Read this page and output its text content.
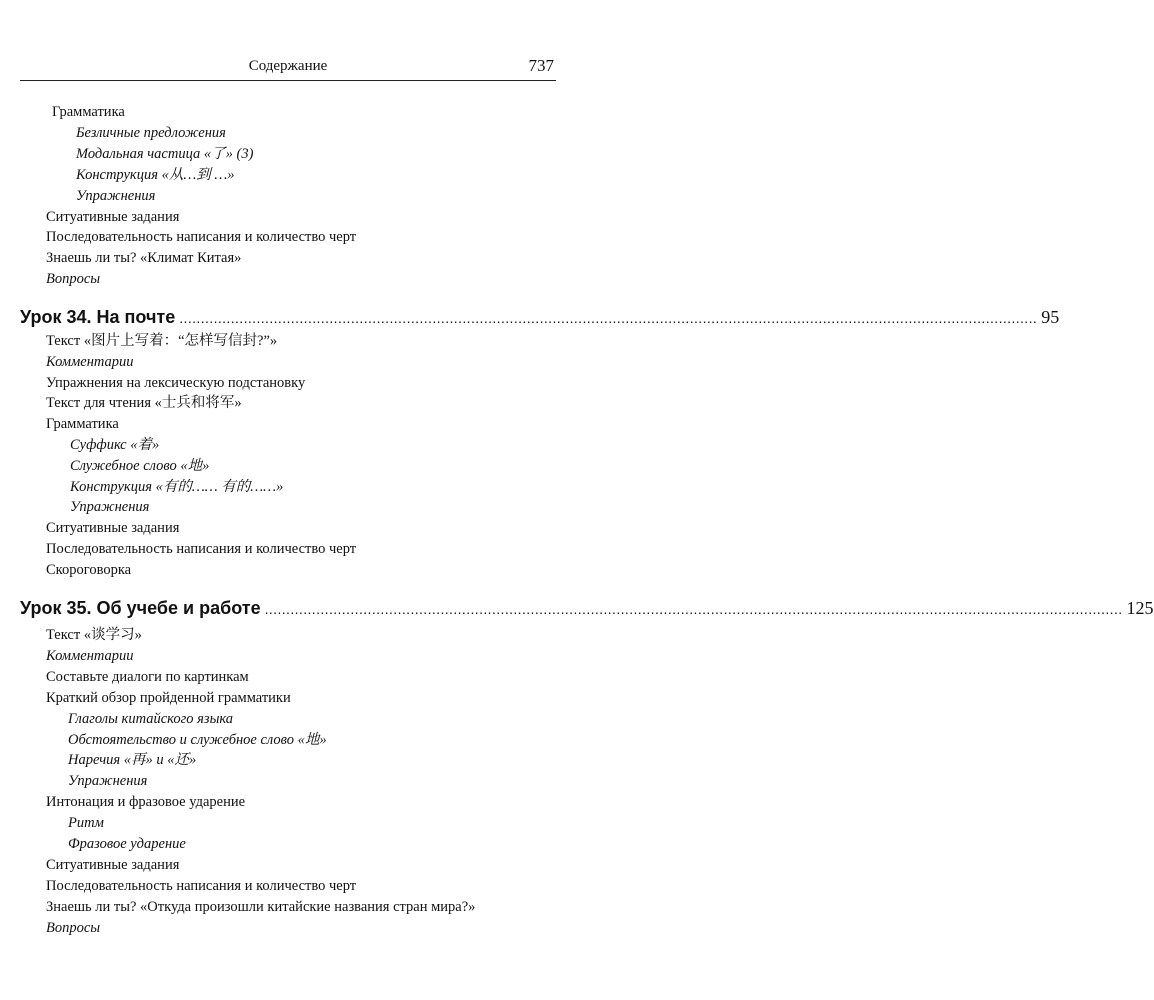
Содержание	737
Грамматика
Безличные предложения
Модальная частица «了» (3)
Конструкция «从…到 …»
Упражнения
Ситуативные задания
Последовательность написания и количество черт
Знаешь ли ты? «Климат Китая»
Вопросы
Урок 34. На почте ........................................................................................................................................................................................................ 95
Текст «图片上写着：“怎样写信封?”»
Комментарии
Упражнения на лексическую подстановку
Текст для чтения «士兵和将军»
Грамматика
Суффикс «着»
Служебное слово «地»
Конструкция «有的…… 有的……»
Упражнения
Ситуативные задания
Последовательность написания и количество черт
Скороговорка
Урок 35. Об учебе и работе ........................................................................................................................................................................................................ 125
Текст «谈学习»
Комментарии
Составьте диалоги по картинкам
Краткий обзор пройденной грамматики
Глаголы китайского языка
Обстоятельство и служебное слово «地»
Наречия «再» и «还»
Упражнения
Интонация и фразовое ударение
Ритм
Фразовое ударение
Ситуативные задания
Последовательность написания и количество черт
Знаешь ли ты? «Откуда произошли китайские названия стран мира?»
Вопросы
